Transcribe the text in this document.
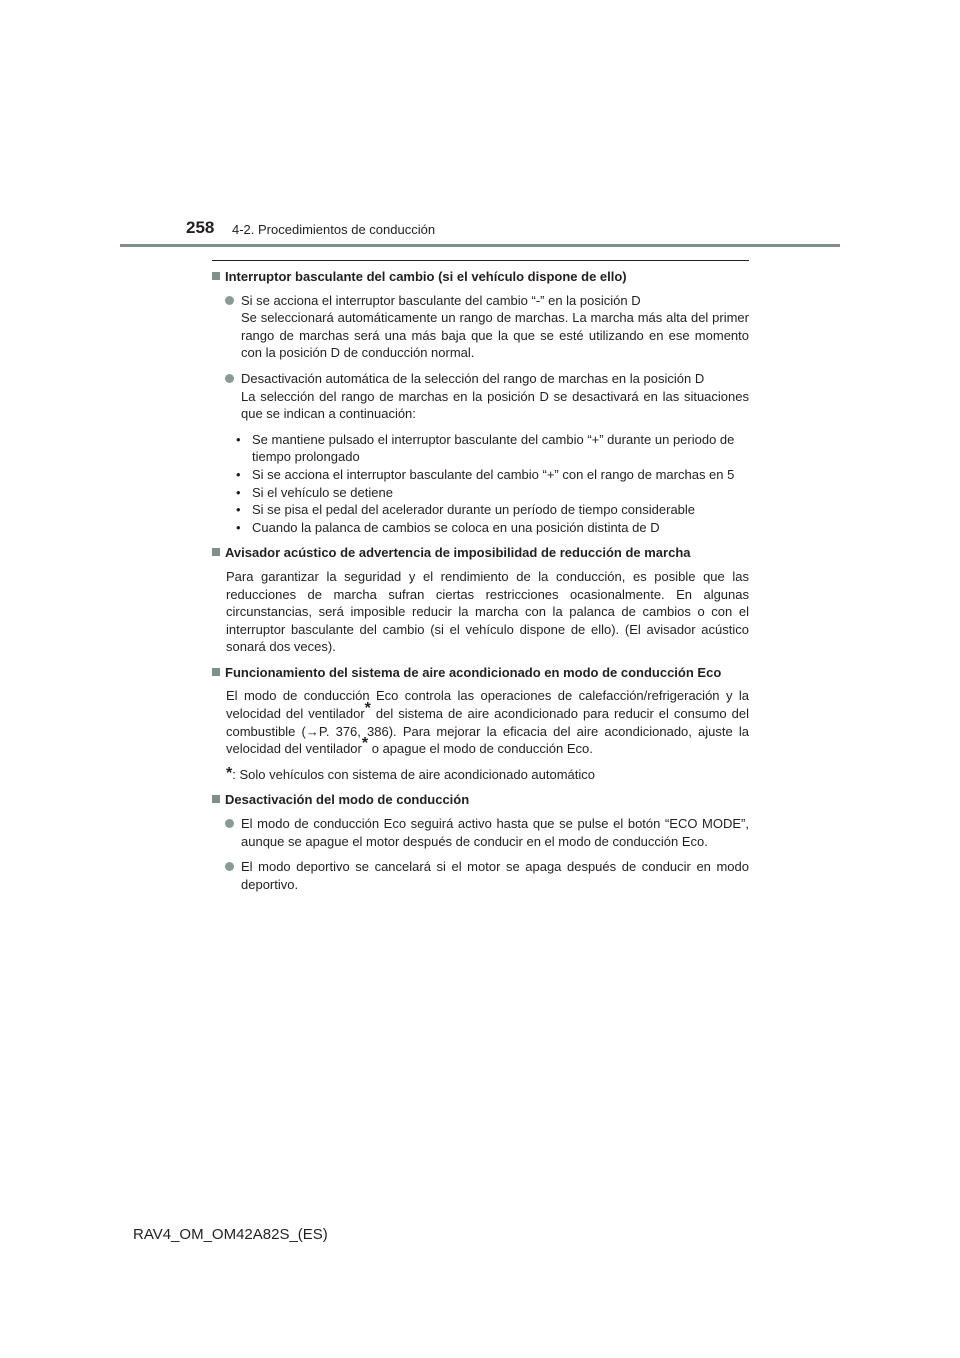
258 4-2. Procedimientos de conducción
Interruptor basculante del cambio (si el vehículo dispone de ello)
Si se acciona el interruptor basculante del cambio “-” en la posición D
Se seleccionará automáticamente un rango de marchas. La marcha más alta del primer rango de marchas será una más baja que la que se esté utilizando en ese momento con la posición D de conducción normal.
Desactivación automática de la selección del rango de marchas en la posición D
La selección del rango de marchas en la posición D se desactivará en las situaciones que se indican a continuación:
• Se mantiene pulsado el interruptor basculante del cambio “+” durante un periodo de tiempo prolongado
• Si se acciona el interruptor basculante del cambio “+” con el rango de marchas en 5
• Si el vehículo se detiene
• Si se pisa el pedal del acelerador durante un período de tiempo considerable
• Cuando la palanca de cambios se coloca en una posición distinta de D
Avisador acústico de advertencia de imposibilidad de reducción de marcha
Para garantizar la seguridad y el rendimiento de la conducción, es posible que las reducciones de marcha sufran ciertas restricciones ocasionalmente. En algunas circunstancias, será imposible reducir la marcha con la palanca de cambios o con el interruptor basculante del cambio (si el vehículo dispone de ello). (El avisador acústico sonará dos veces).
Funcionamiento del sistema de aire acondicionado en modo de conducción Eco
El modo de conducción Eco controla las operaciones de calefacción/refrigeración y la velocidad del ventilador* del sistema de aire acondicionado para reducir el consumo del combustible (→P. 376, 386). Para mejorar la eficacia del aire acondicionado, ajuste la velocidad del ventilador* o apague el modo de conducción Eco.
*: Solo vehículos con sistema de aire acondicionado automático
Desactivación del modo de conducción
El modo de conducción Eco seguirá activo hasta que se pulse el botón “ECO MODE”, aunque se apague el motor después de conducir en el modo de conducción Eco.
El modo deportivo se cancelará si el motor se apaga después de conducir en modo deportivo.
RAV4_OM_OM42A82S_(ES)
